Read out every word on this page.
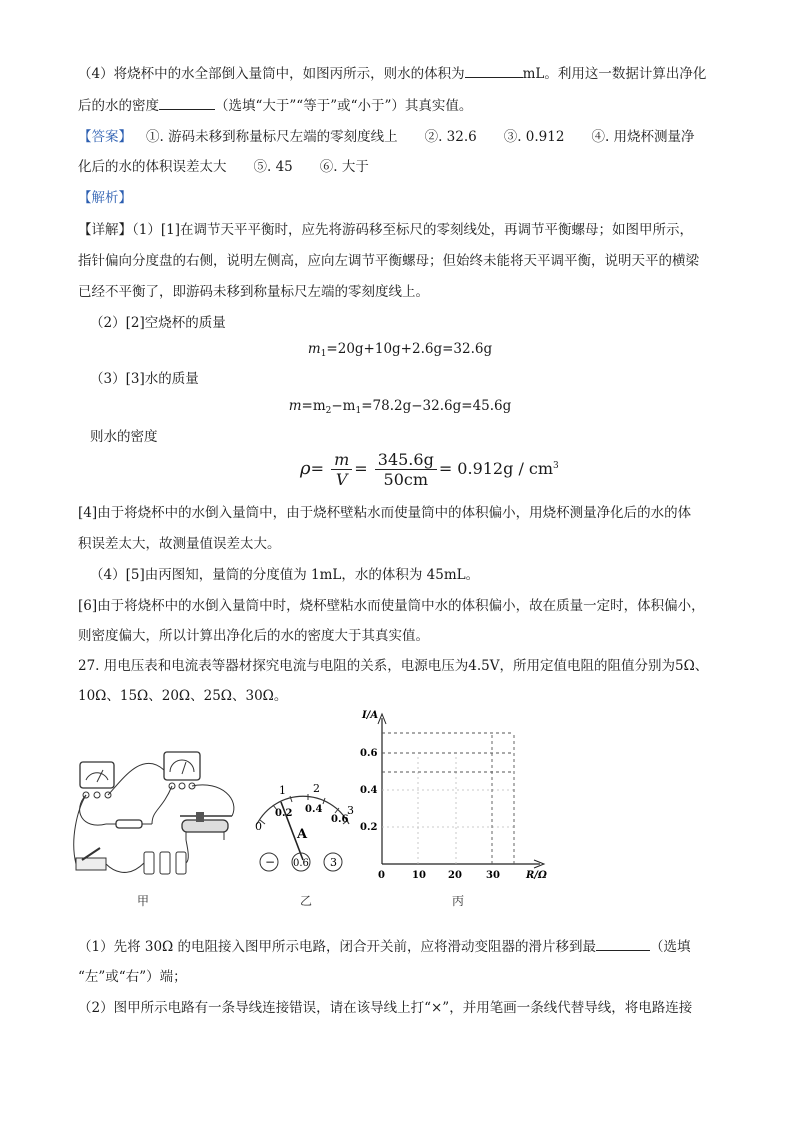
（4）将烧杯中的水全部倒入量筒中，如图丙所示，则水的体积为	mL。利用这一数据计算出净化
后的水的密度	（选填“大于”“等于”或“小于”）其真实值。
【答案】 ①. 游码未移到称量标尺左端的零刻度线上　　②. 32.6　　③. 0.912　　④. 用烧杯测量净
化后的水的体积误差太大　　⑤. 45　　⑥. 大于
【解析】
【详解】（1）[1]在调节天平平衡时，应先将游码移至标尺的零刻线处，再调节平衡螺母；如图甲所示，
指针偏向分度盘的右侧，说明左侧高，应向左调节平衡螺母；但始终未能将天平调平衡，说明天平的横梁
已经不平衡了，即游码未移到称量标尺左端的零刻度线上。
（2）[2]空烧杯的质量
$m_1=20g+10g+2.6g=32.6g$
（3）[3]水的质量
$m=m_2-m_1=78.2g-32.6g=45.6g$
则水的密度
$\rho= \frac{m}{V} = \frac{345.6g}{50cm} = 0.912g / cm^3$
[4]由于将烧杯中的水倒入量筒中，由于烧杯壁粘水而使量筒中的体积偏小，用烧杯测量净化后的水的体
积误差太大，故测量值误差太大。
（4）[5]由丙图知，量筒的分度值为 1mL，水的体积为 45mL。
[6]由于将烧杯中的水倒入量筒中时，烧杯壁粘水而使量筒中水的体积偏小，故在质量一定时，体积偏小，
则密度偏大，所以计算出净化后的水的密度大于其真实值。
27. 用电压表和电流表等器材探究电流与电阻的关系，电源电压为4.5V，所用定值电阻的阻值分别为5Ω、
10Ω、15Ω、20Ω、25Ω、30Ω。
甲
0
1 2
3
0.2 0.4
0.6
A
− 0.6 3
乙
I/A
0.2
0.4
0.6
0	10 20 30	R/Ω
丙
（1）先将 30Ω 的电阻接入图甲所示电路，闭合开关前，应将滑动变阻器的滑片移到最	（选填
“左”或“右”）端；
（2）图甲所示电路有一条导线连接错误，请在该导线上打“×”，并用笔画一条线代替导线，将电路连接
